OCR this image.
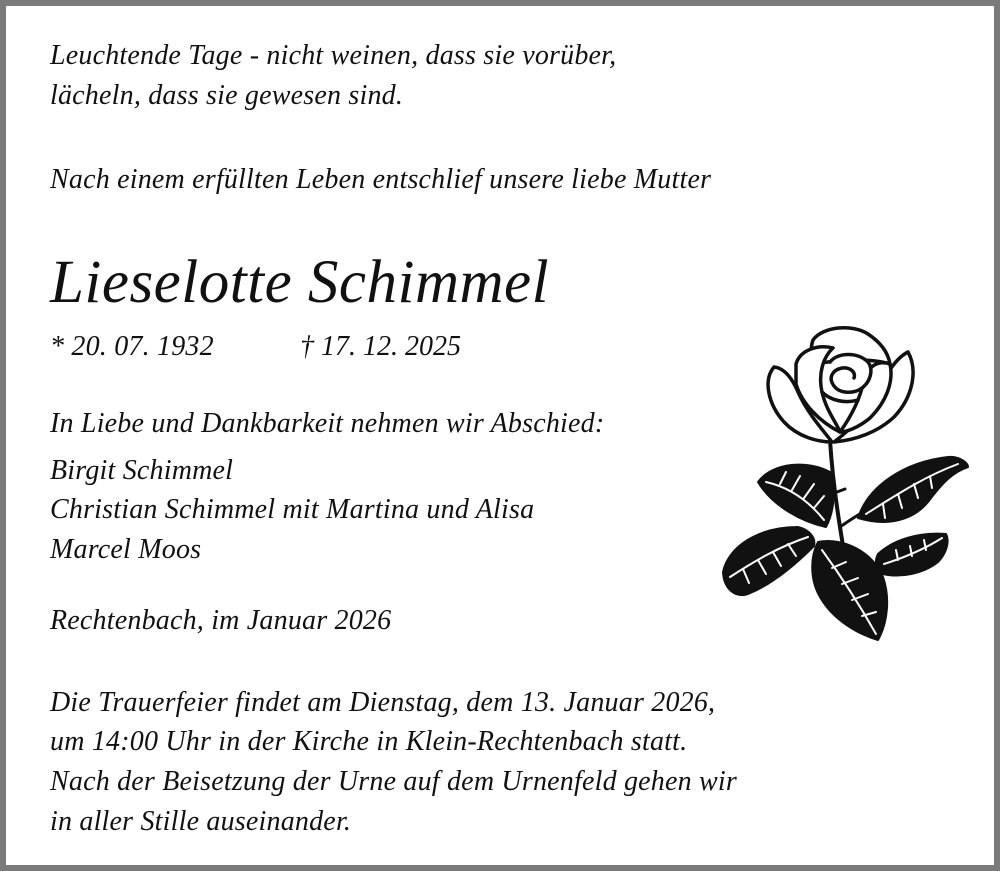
Leuchtende Tage - nicht weinen, dass sie vorüber,
lächeln, dass sie gewesen sind.
Nach einem erfüllten Leben entschlief unsere liebe Mutter
Lieselotte Schimmel
* 20. 07. 1932	† 17. 12. 2025
In Liebe und Dankbarkeit nehmen wir Abschied:
Birgit Schimmel
Christian Schimmel mit Martina und Alisa
Marcel Moos
Rechtenbach, im Januar 2026
Die Trauerfeier findet am Dienstag, dem 13. Januar 2026,
um 14:00 Uhr in der Kirche in Klein-Rechtenbach statt.
Nach der Beisetzung der Urne auf dem Urnenfeld gehen wir
in aller Stille auseinander.
